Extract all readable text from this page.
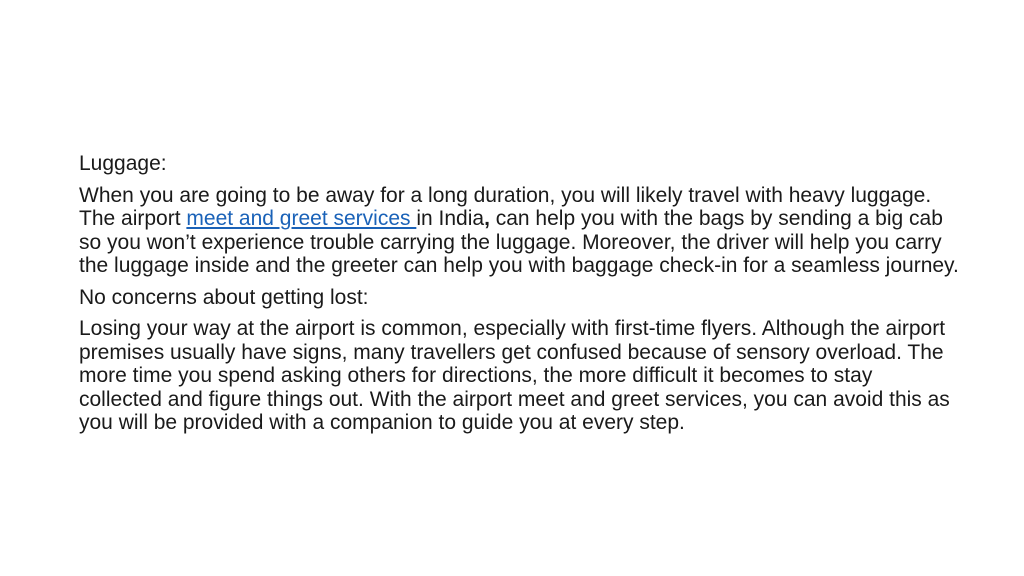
Luggage:

When you are going to be away for a long duration, you will likely travel with heavy luggage. The airport meet and greet services in India, can help you with the bags by sending a big cab so you won’t experience trouble carrying the luggage. Moreover, the driver will help you carry the luggage inside and the greeter can help you with baggage check-in for a seamless journey.

No concerns about getting lost:

Losing your way at the airport is common, especially with first-time flyers. Although the airport premises usually have signs, many travellers get confused because of sensory overload. The more time you spend asking others for directions, the more difficult it becomes to stay collected and figure things out. With the airport meet and greet services, you can avoid this as you will be provided with a companion to guide you at every step.
